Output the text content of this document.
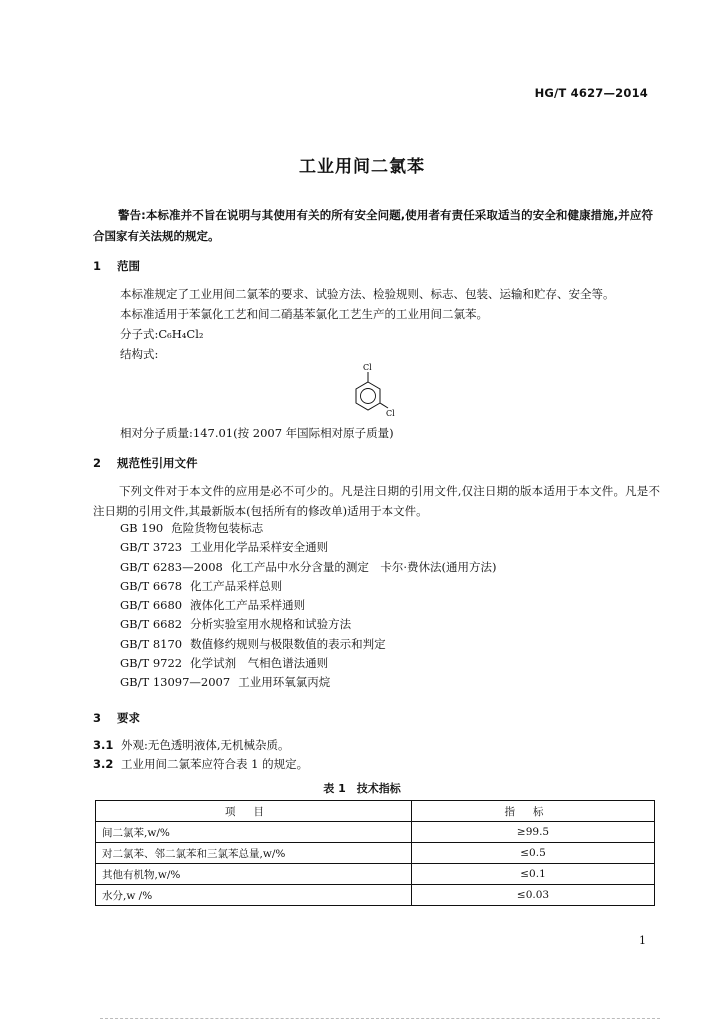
HG/T 4627—2014
工业用间二氯苯
警告:本标准并不旨在说明与其使用有关的所有安全问题,使用者有责任采取适当的安全和健康措施,并应符合国家有关法规的规定。
1 范围
本标准规定了工业用间二氯苯的要求、试验方法、检验规则、标志、包装、运输和贮存、安全等。
本标准适用于苯氯化工艺和间二硝基苯氯化工艺生产的工业用间二氯苯。
分子式:C₆H₄Cl₂
结构式:
Cl
Cl
相对分子质量:147.01(按 2007 年国际相对原子质量)
2 规范性引用文件
下列文件对于本文件的应用是必不可少的。凡是注日期的引用文件,仅注日期的版本适用于本文件。凡是不注日期的引用文件,其最新版本(包括所有的修改单)适用于本文件。
GB 190 危险货物包装标志
GB/T 3723 工业用化学品采样安全通则
GB/T 6283—2008 化工产品中水分含量的测定　卡尔·费休法(通用方法)
GB/T 6678 化工产品采样总则
GB/T 6680 液体化工产品采样通则
GB/T 6682 分析实验室用水规格和试验方法
GB/T 8170 数值修约规则与极限数值的表示和判定
GB/T 9722 化学试剂　气相色谱法通则
GB/T 13097—2007 工业用环氧氯丙烷
3 要求
3.1 外观:无色透明液体,无机械杂质。
3.2 工业用间二氯苯应符合表 1 的规定。
表 1　技术指标
项目	指标
间二氯苯,w/%	≥99.5
对二氯苯、邻二氯苯和三氯苯总量,w/%	≤0.5
其他有机物,w/%	≤0.1
水分,w /%	≤0.03
1
